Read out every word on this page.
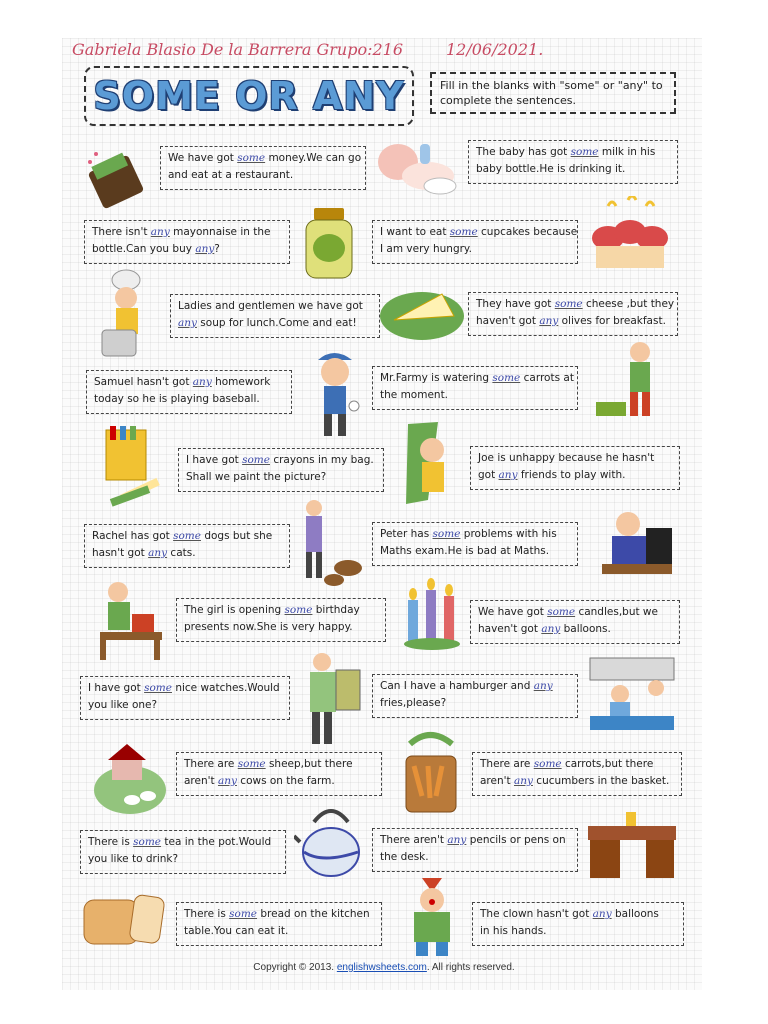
Gabriela Blasio De la Barrera Grupo:216	12/06/2021.
SOME OR ANY	Fill in the blanks with "some" or "any" to
complete the sentences.
We have got some money.We can go
and eat at a restaurant.
The baby has got some milk in his
baby bottle.He is drinking it.
There isn't any mayonnaise in the
bottle.Can you buy any?
I want to eat some cupcakes because
I am very hungry.
Ladies and gentlemen we have got
any soup for lunch.Come and eat!
They have got some cheese ,but they
haven't got any olives for breakfast.
Samuel hasn't got any homework
today so he is playing baseball.
Mr.Farmy is watering some carrots at
the moment.
I have got some crayons in my bag.
Shall we paint the picture?
Joe is unhappy because he hasn't
got any friends to play with.
Rachel has got some dogs but she
hasn't got any cats.
Peter has some problems with his
Maths exam.He is bad at Maths.
The girl is opening some birthday
presents now.She is very happy.
We have got some candles,but we
haven't got any balloons.
I have got some nice watches.Would
you like one?
Can I have a hamburger and any
fries,please?
There are some sheep,but there
aren't any cows on the farm.
There are some carrots,but there
aren't any cucumbers in the basket.
There is some tea in the pot.Would
you like to drink?
There aren't any pencils or pens on
the desk.
There is some bread on the kitchen
table.You can eat it.
The clown hasn't got any balloons
in his hands.
Copyright © 2013. englishwsheets.com. All rights reserved.
